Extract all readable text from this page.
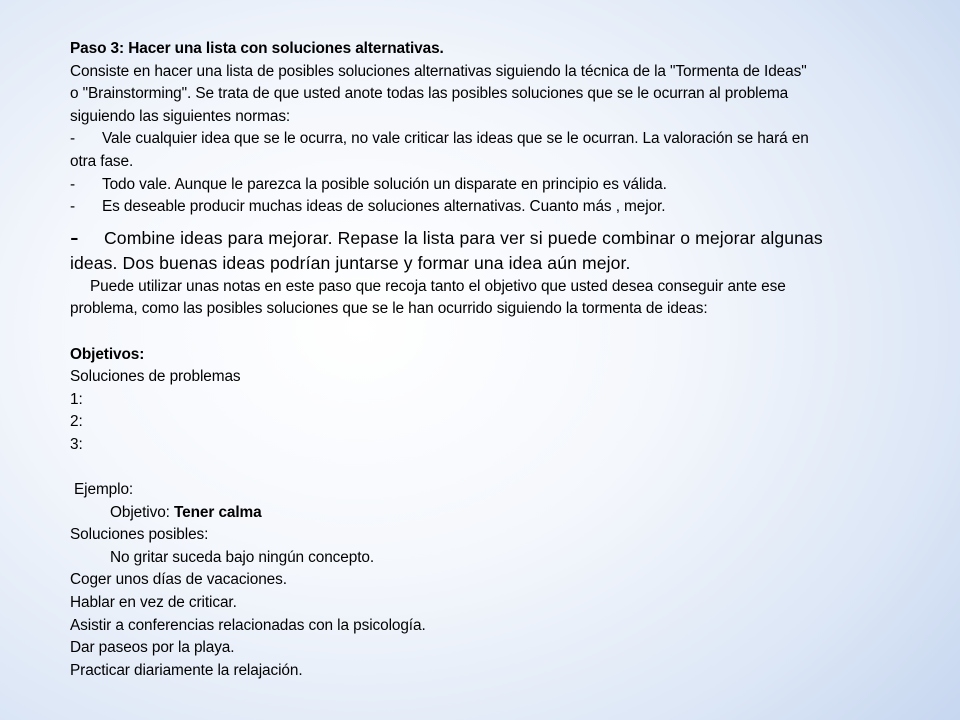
Paso 3: Hacer una lista con soluciones alternativas.
Consiste en hacer una lista de posibles soluciones alternativas siguiendo la técnica de la "Tormenta de Ideas"
o "Brainstorming". Se trata de que usted anote todas las posibles soluciones que se le ocurran al problema
siguiendo las siguientes normas:
-	Vale cualquier idea que se le ocurra, no vale criticar las ideas que se le ocurran. La valoración se hará en
otra fase.
-	Todo vale. Aunque le parezca la posible solución un disparate en principio es válida.
-	Es deseable producir muchas ideas de soluciones alternativas. Cuanto más , mejor.
- Combine ideas para mejorar. Repase la lista para ver si puede combinar o mejorar algunas
ideas. Dos buenas ideas podrían juntarse y formar una idea aún mejor.
Puede utilizar unas notas en este paso que recoja tanto el objetivo que usted desea conseguir ante ese
problema, como las posibles soluciones que se le han ocurrido siguiendo la tormenta de ideas:
Objetivos:
Soluciones de problemas
1:
2:
3:
Ejemplo:
Objetivo: Tener calma
Soluciones posibles:
No gritar suceda bajo ningún concepto.
Coger unos días de vacaciones.
Hablar en vez de criticar.
Asistir a conferencias relacionadas con la psicología.
Dar paseos por la playa.
Practicar diariamente la relajación.
